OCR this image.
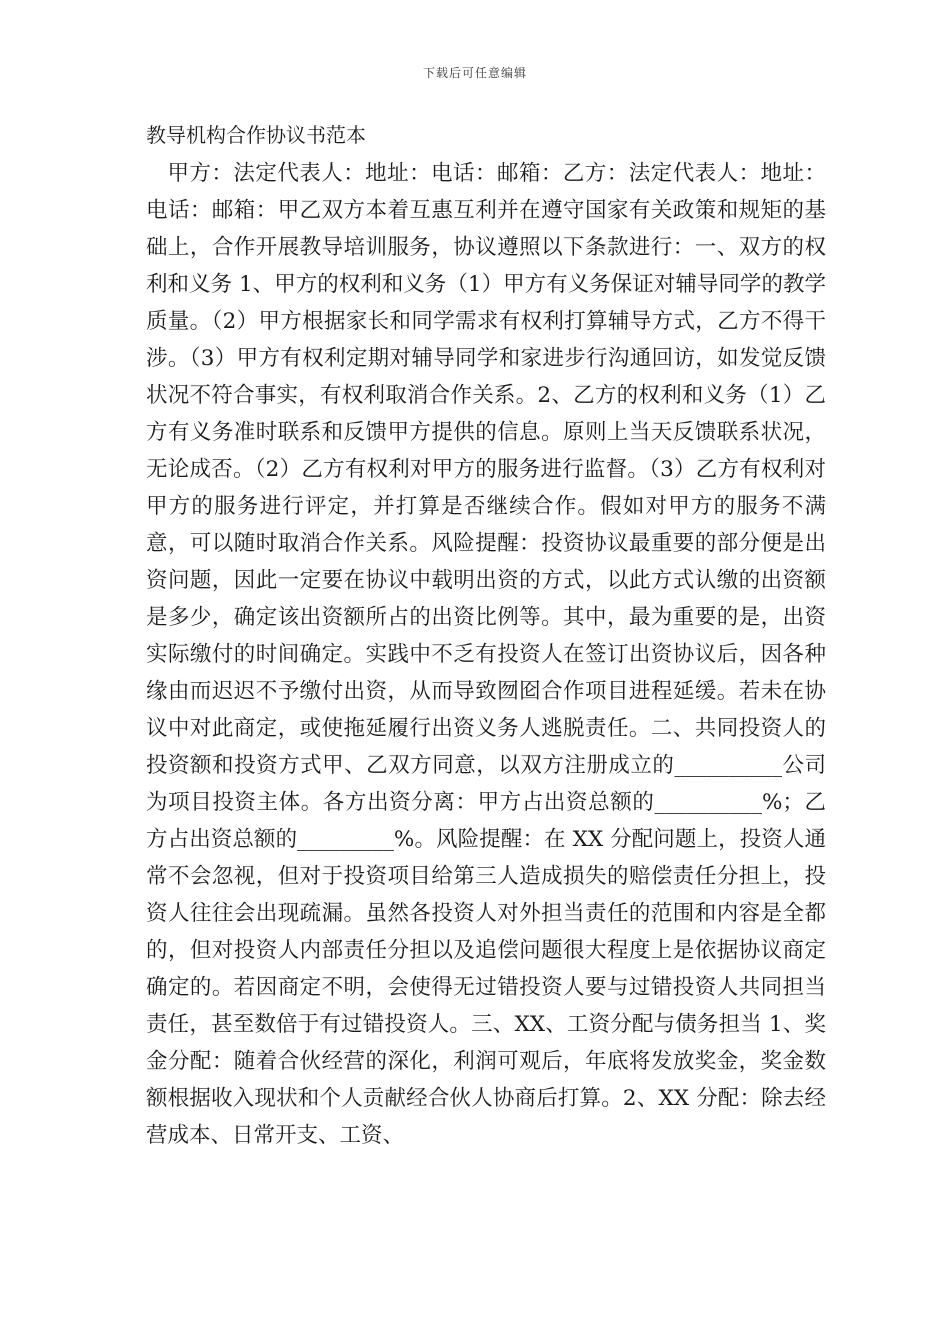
下载后可任意编辑
教导机构合作协议书范本

甲方：法定代表人：地址：电话：邮箱：乙方：法定代表人：地址：电话：邮箱：甲乙双方本着互惠互利并在遵守国家有关政策和规矩的基础上，合作开展教导培训服务，协议遵照以下条款进行：一、双方的权利和义务 1、甲方的权利和义务（1）甲方有义务保证对辅导同学的教学质量。（2）甲方根据家长和同学需求有权利打算辅导方式，乙方不得干涉。（3）甲方有权利定期对辅导同学和家进步行沟通回访，如发觉反馈状况不符合事实，有权利取消合作关系。2、乙方的权利和义务（1）乙方有义务准时联系和反馈甲方提供的信息。原则上当天反馈联系状况，无论成否。（2）乙方有权利对甲方的服务进行监督。（3）乙方有权利对甲方的服务进行评定，并打算是否继续合作。假如对甲方的服务不满意，可以随时取消合作关系。风险提醒：投资协议最重要的部分便是出资问题，因此一定要在协议中载明出资的方式，以此方式认缴的出资额是多少，确定该出资额所占的出资比例等。其中，最为重要的是，出资实际缴付的时间确定。实践中不乏有投资人在签订出资协议后，因各种缘由而迟迟不予缴付出资，从而导致囫囵合作项目进程延缓。若未在协议中对此商定，或使拖延履行出资义务人逃脱责任。二、共同投资人的投资额和投资方式甲、乙双方同意，以双方注册成立的__________公司为项目投资主体。各方出资分离：甲方占出资总额的__________%；乙方占出资总额的_________%。风险提醒：在 XX 分配问题上，投资人通常不会忽视，但对于投资项目给第三人造成损失的赔偿责任分担上，投资人往往会出现疏漏。虽然各投资人对外担当责任的范围和内容是全都的，但对投资人内部责任分担以及追偿问题很大程度上是依据协议商定确定的。若因商定不明，会使得无过错投资人要与过错投资人共同担当责任，甚至数倍于有过错投资人。三、XX、工资分配与债务担当 1、奖金分配：随着合伙经营的深化，利润可观后，年底将发放奖金，奖金数额根据收入现状和个人贡献经合伙人协商后打算。2、XX 分配：除去经营成本、日常开支、工资、
